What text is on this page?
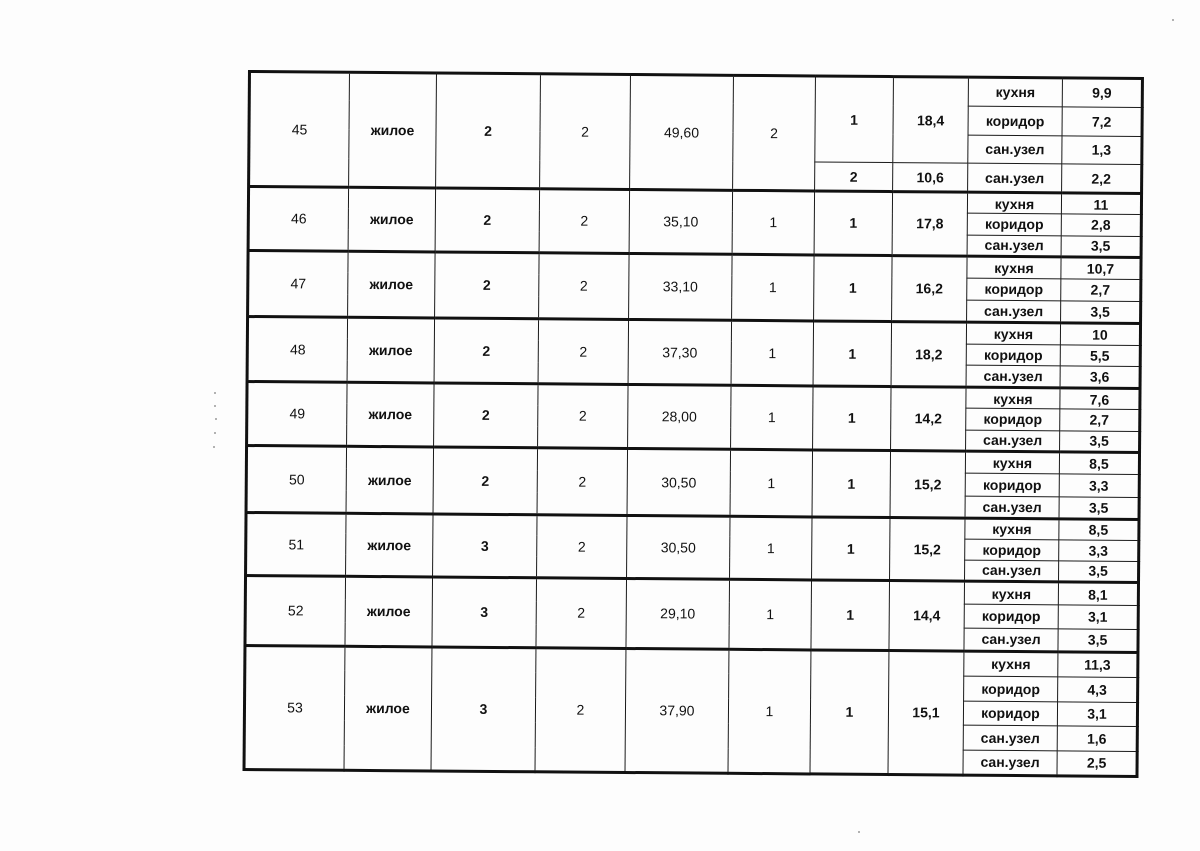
45	жилое	2	2	49,60	2	1	18,4	кухня	9,9
								коридор	7,2
								сан.узел	1,3
						2	10,6	сан.узел	2,2
46	жилое	2	2	35,10	1	1	17,8	кухня	11
								коридор	2,8
								сан.узел	3,5
47	жилое	2	2	33,10	1	1	16,2	кухня	10,7
								коридор	2,7
								сан.узел	3,5
48	жилое	2	2	37,30	1	1	18,2	кухня	10
								коридор	5,5
								сан.узел	3,6
49	жилое	2	2	28,00	1	1	14,2	кухня	7,6
								коридор	2,7
								сан.узел	3,5
50	жилое	2	2	30,50	1	1	15,2	кухня	8,5
								коридор	3,3
								сан.узел	3,5
51	жилое	3	2	30,50	1	1	15,2	кухня	8,5
								коридор	3,3
								сан.узел	3,5
52	жилое	3	2	29,10	1	1	14,4	кухня	8,1
								коридор	3,1
								сан.узел	3,5
53	жилое	3	2	37,90	1	1	15,1	кухня	11,3
								коридор	4,3
								коридор	3,1
								сан.узел	1,6
								сан.узел	2,5
